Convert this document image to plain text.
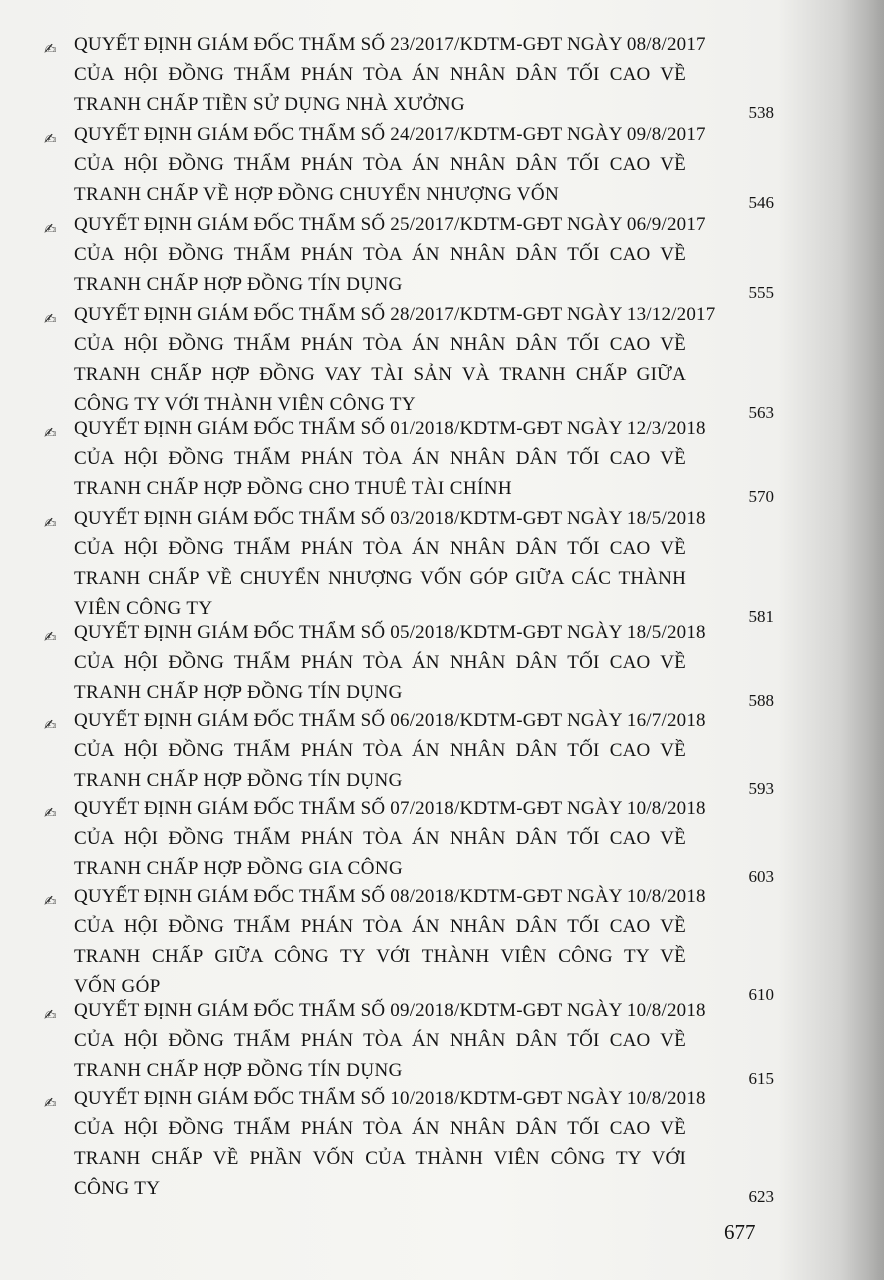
✍ QUYẾT ĐỊNH GIÁM ĐỐC THẨM SỐ 23/2017/KDTM-GĐT NGÀY 08/8/2017
CỦA HỘI ĐỒNG THẨM PHÁN TÒA ÁN NHÂN DÂN TỐI CAO VỀ
TRANH CHẤP TIỀN SỬ DỤNG NHÀ XƯỞNG	538
✍ QUYẾT ĐỊNH GIÁM ĐỐC THẨM SỐ 24/2017/KDTM-GĐT NGÀY 09/8/2017
CỦA HỘI ĐỒNG THẨM PHÁN TÒA ÁN NHÂN DÂN TỐI CAO VỀ
TRANH CHẤP VỀ HỢP ĐỒNG CHUYỂN NHƯỢNG VỐN	546
✍ QUYẾT ĐỊNH GIÁM ĐỐC THẨM SỐ 25/2017/KDTM-GĐT NGÀY 06/9/2017
CỦA HỘI ĐỒNG THẨM PHÁN TÒA ÁN NHÂN DÂN TỐI CAO VỀ
TRANH CHẤP HỢP ĐỒNG TÍN DỤNG	555
✍ QUYẾT ĐỊNH GIÁM ĐỐC THẨM SỐ 28/2017/KDTM-GĐT NGÀY 13/12/2017
CỦA HỘI ĐỒNG THẨM PHÁN TÒA ÁN NHÂN DÂN TỐI CAO VỀ
TRANH CHẤP HỢP ĐỒNG VAY TÀI SẢN VÀ TRANH CHẤP GIỮA
CÔNG TY VỚI THÀNH VIÊN CÔNG TY	563
✍ QUYẾT ĐỊNH GIÁM ĐỐC THẨM SỐ 01/2018/KDTM-GĐT NGÀY 12/3/2018
CỦA HỘI ĐỒNG THẨM PHÁN TÒA ÁN NHÂN DÂN TỐI CAO VỀ
TRANH CHẤP HỢP ĐỒNG CHO THUÊ TÀI CHÍNH	570
✍ QUYẾT ĐỊNH GIÁM ĐỐC THẨM SỐ 03/2018/KDTM-GĐT NGÀY 18/5/2018
CỦA HỘI ĐỒNG THẨM PHÁN TÒA ÁN NHÂN DÂN TỐI CAO VỀ
TRANH CHẤP VỀ CHUYỂN NHƯỢNG VỐN GÓP GIỮA CÁC THÀNH
VIÊN CÔNG TY	581
✍ QUYẾT ĐỊNH GIÁM ĐỐC THẨM SỐ 05/2018/KDTM-GĐT NGÀY 18/5/2018
CỦA HỘI ĐỒNG THẨM PHÁN TÒA ÁN NHÂN DÂN TỐI CAO VỀ
TRANH CHẤP HỢP ĐỒNG TÍN DỤNG	588
✍ QUYẾT ĐỊNH GIÁM ĐỐC THẨM SỐ 06/2018/KDTM-GĐT NGÀY 16/7/2018
CỦA HỘI ĐỒNG THẨM PHÁN TÒA ÁN NHÂN DÂN TỐI CAO VỀ
TRANH CHẤP HỢP ĐỒNG TÍN DỤNG	593
✍ QUYẾT ĐỊNH GIÁM ĐỐC THẨM SỐ 07/2018/KDTM-GĐT NGÀY 10/8/2018
CỦA HỘI ĐỒNG THẨM PHÁN TÒA ÁN NHÂN DÂN TỐI CAO VỀ
TRANH CHẤP HỢP ĐỒNG GIA CÔNG	603
✍ QUYẾT ĐỊNH GIÁM ĐỐC THẨM SỐ 08/2018/KDTM-GĐT NGÀY 10/8/2018
CỦA HỘI ĐỒNG THẨM PHÁN TÒA ÁN NHÂN DÂN TỐI CAO VỀ
TRANH CHẤP GIỮA CÔNG TY VỚI THÀNH VIÊN CÔNG TY VỀ
VỐN GÓP	610
✍ QUYẾT ĐỊNH GIÁM ĐỐC THẨM SỐ 09/2018/KDTM-GĐT NGÀY 10/8/2018
CỦA HỘI ĐỒNG THẨM PHÁN TÒA ÁN NHÂN DÂN TỐI CAO VỀ
TRANH CHẤP HỢP ĐỒNG TÍN DỤNG	615
✍ QUYẾT ĐỊNH GIÁM ĐỐC THẨM SỐ 10/2018/KDTM-GĐT NGÀY 10/8/2018
CỦA HỘI ĐỒNG THẨM PHÁN TÒA ÁN NHÂN DÂN TỐI CAO VỀ
TRANH CHẤP VỀ PHẦN VỐN CỦA THÀNH VIÊN CÔNG TY VỚI
CÔNG TY	623
677
